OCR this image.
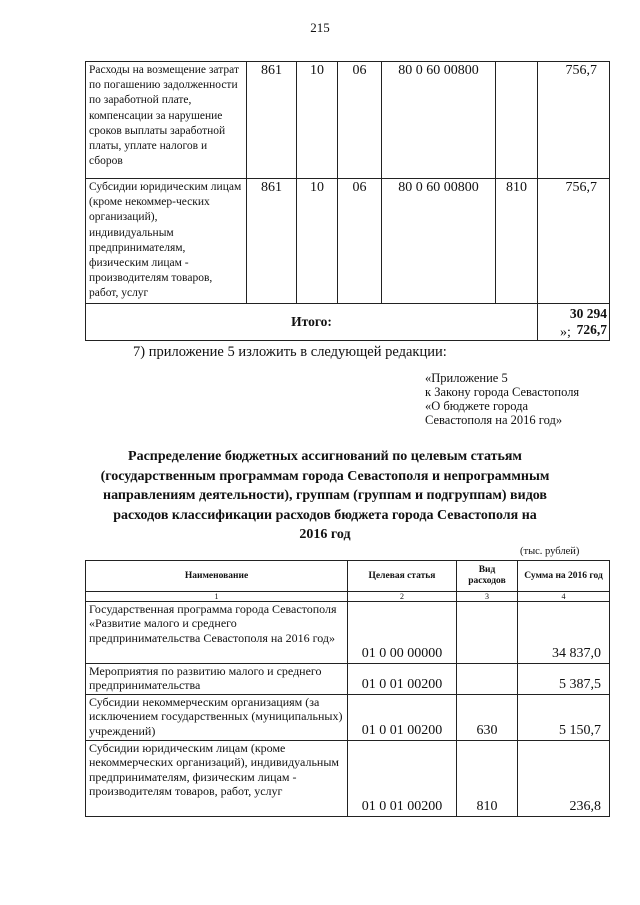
215
Расходы на возмещение затрат по погашению задолженности по заработной плате, компенсации за нарушение сроков выплаты заработной платы, уплате налогов и сборов	861	10	06	80 0 60 00800		756,7
Субсидии юридическим лицам (кроме некоммер-ческих организаций), индивидуальным предпринимателям, физическим лицам - производителям товаров, работ, услуг	861	10	06	80 0 60 00800	810	756,7
Итого:						30 294 726,7
»;
7) приложение 5 изложить в следующей редакции:
«Приложение 5
к Закону города Севастополя
«О бюджете города
Севастополя на 2016 год»
Распределение бюджетных ассигнований по целевым статьям (государственным программам города Севастополя и непрограммным направлениям деятельности), группам (группам и подгруппам) видов расходов классификации расходов бюджета города Севастополя на 2016 год
(тыс. рублей)
Наименование	Целевая статья	Вид расходов	Сумма на 2016 год
1	2	3	4
Государственная программа города Севастополя «Развитие малого и среднего предпринимательства Севастополя на 2016 год»	01 0 00 00000		34 837,0
Мероприятия по развитию малого и среднего предпринимательства	01 0 01 00200		5 387,5
Субсидии некоммерческим организациям (за исключением государственных (муниципальных) учреждений)	01 0 01 00200	630	5 150,7
Субсидии юридическим лицам (кроме некоммерческих организаций), индивидуальным предпринимателям, физическим лицам - производителям товаров, работ, услуг	01 0 01 00200	810	236,8
